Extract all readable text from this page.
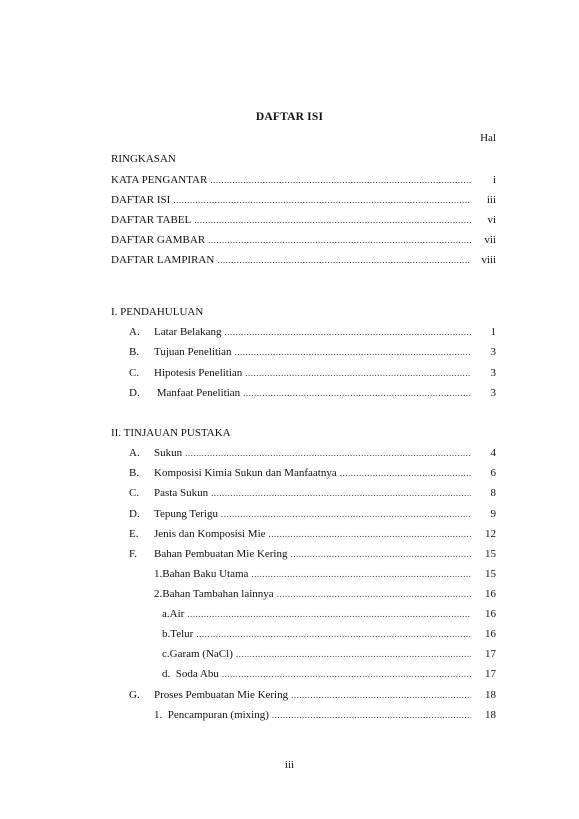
DAFTAR ISI
Hal
RINGKASAN
KATA PENGANTAR .....	i
DAFTAR ISI .....	iii
DAFTAR TABEL .....	vi
DAFTAR GAMBAR .....	vii
DAFTAR LAMPIRAN .....	viii
I. PENDAHULUAN
A.	Latar Belakang .....	1
B.	Tujuan Penelitian .....	3
C.	Hipotesis Penelitian .....	3
D.	Manfaat Penelitian .....	3
II. TINJAUAN PUSTAKA
A.	Sukun .....	4
B.	Komposisi Kimia Sukun dan Manfaatnya .....	6
C.	Pasta Sukun .....	8
D.	Tepung Terigu .....	9
E.	Jenis dan Komposisi Mie .....	12
F.	Bahan Pembuatan Mie Kering .....	15
1.Bahan Baku Utama .....	15
2.Bahan Tambahan lainnya .....	16
a.Air .....	16
b.Telur .....	16
c.Garam (NaCl) .....	17
d.  Soda Abu .....	17
G.	Proses Pembuatan Mie Kering .....	18
1.  Pencampuran (mixing) .....	18
iii
